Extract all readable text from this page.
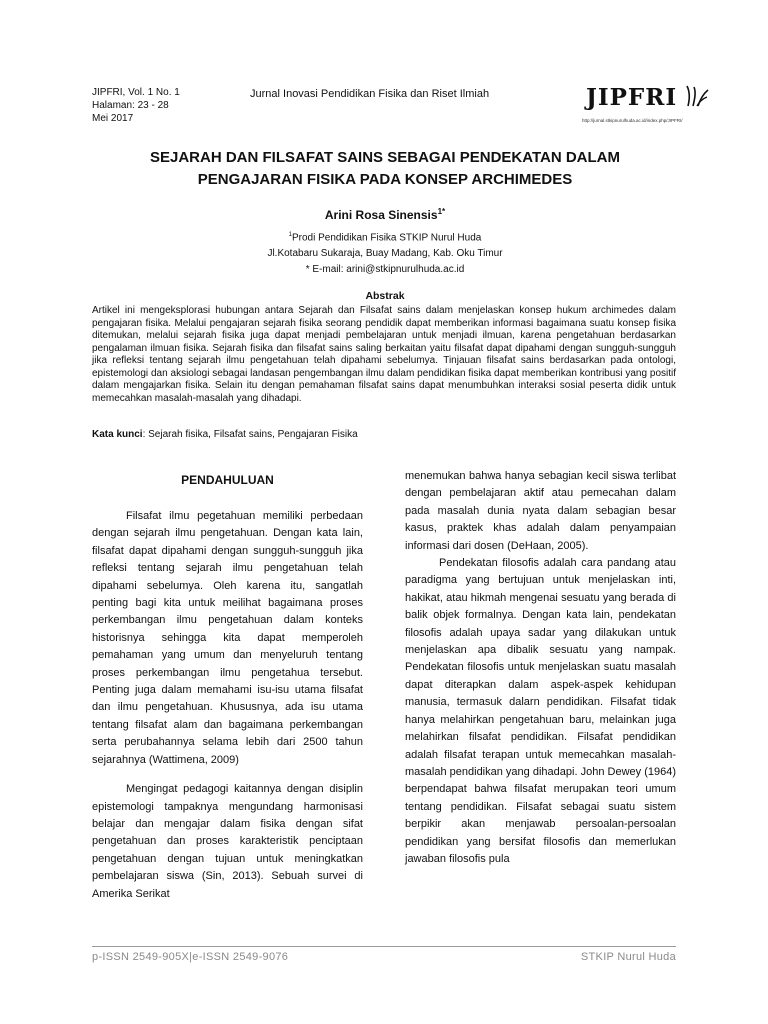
JIPFRI, Vol. 1 No. 1
Halaman: 23 - 28
Mei 2017
Jurnal Inovasi Pendidikan Fisika dan Riset Ilmiah	JIPFRI
http://jurnal.stkipnurulhuda.ac.id/index.php/JIPFRI/
SEJARAH DAN FILSAFAT SAINS SEBAGAI PENDEKATAN DALAM
PENGAJARAN FISIKA PADA KONSEP ARCHIMEDES
Arini Rosa Sinensis$^{1*}$
$^1$Prodi Pendidikan Fisika STKIP Nurul Huda
Jl.Kotabaru Sukaraja, Buay Madang, Kab. Oku Timur
* E-mail: arini@stkipnurulhuda.ac.id
Abstrak
Artikel ini mengeksplorasi hubungan antara Sejarah dan Filsafat sains dalam menjelaskan konsep hukum archimedes dalam pengajaran fisika. Melalui pengajaran sejarah fisika seorang pendidik dapat memberikan informasi bagaimana suatu konsep fisika ditemukan, melalui sejarah fisika juga dapat menjadi pembelajaran untuk menjadi ilmuan, karena pengetahuan berdasarkan pengalaman ilmuan fisika. Sejarah fisika dan filsafat sains saling berkaitan yaitu filsafat dapat dipahami dengan sungguh-sungguh jika refleksi tentang sejarah ilmu pengetahuan telah dipahami sebelumya. Tinjauan filsafat sains berdasarkan pada ontologi, epistemologi dan aksiologi sebagai landasan pengembangan ilmu dalam pendidikan fisika dapat memberikan kontribusi yang positif dalam mengajarkan fisika. Selain itu dengan pemahaman filsafat sains dapat menumbuhkan interaksi sosial peserta didik untuk memecahkan masalah-masalah yang dihadapi.
Kata kunci: Sejarah fisika, Filsafat sains, Pengajaran Fisika
PENDAHULUAN

Filsafat ilmu pegetahuan memiliki perbedaan dengan sejarah ilmu pengetahuan. Dengan kata lain, filsafat dapat dipahami dengan sungguh-sungguh jika refleksi tentang sejarah ilmu pengetahuan telah dipahami sebelumya. Oleh karena itu, sangatlah penting bagi kita untuk meilihat bagaimana proses perkembangan ilmu pengetahuan dalam konteks historisnya sehingga kita dapat memperoleh pemahaman yang umum dan menyeluruh tentang proses perkembangan ilmu pengetahua tersebut. Penting juga dalam memahami isu-isu utama filsafat dan ilmu pengetahuan. Khususnya, ada isu utama tentang filsafat alam dan bagaimana perkembangan serta perubahannya selama lebih dari 2500 tahun sejarahnya (Wattimena, 2009)

Mengingat pedagogi kaitannya dengan disiplin epistemologi tampaknya mengundang harmonisasi belajar dan mengajar dalam fisika dengan sifat pengetahuan dan proses karakteristik penciptaan pengetahuan dengan tujuan untuk meningkatkan pembelajaran siswa (Sin, 2013). Sebuah survei di Amerika Serikat

menemukan bahwa hanya sebagian kecil siswa terlibat dengan pembelajaran aktif atau pemecahan dalam pada masalah dunia nyata dalam sebagian besar kasus, praktek khas adalah dalam penyampaian informasi dari dosen (DeHaan, 2005).

Pendekatan filosofis adalah cara pandang atau paradigma yang bertujuan untuk menjelaskan inti, hakikat, atau hikmah mengenai sesuatu yang berada di balik objek formalnya. Dengan kata lain, pendekatan filosofis adalah upaya sadar yang dilakukan untuk menjelaskan apa dibalik sesuatu yang nampak. Pendekatan filosofis untuk menjelaskan suatu masalah dapat diterapkan dalam aspek-aspek kehidupan manusia, termasuk dalarn pendidikan. Filsafat tidak hanya melahirkan pengetahuan baru, melainkan juga melahirkan filsafat pendidikan. Filsafat pendidikan adalah filsafat terapan untuk memecahkan masalah-masalah pendidikan yang dihadapi. John Dewey (1964) berpendapat bahwa filsafat merupakan teori umum tentang pendidikan. Filsafat sebagai suatu sistem berpikir akan menjawab persoalan-persoalan pendidikan yang bersifat filosofis dan memerlukan jawaban filosofis pula

p-ISSN 2549-905X|e-ISSN 2549-9076	STKIP Nurul Huda
